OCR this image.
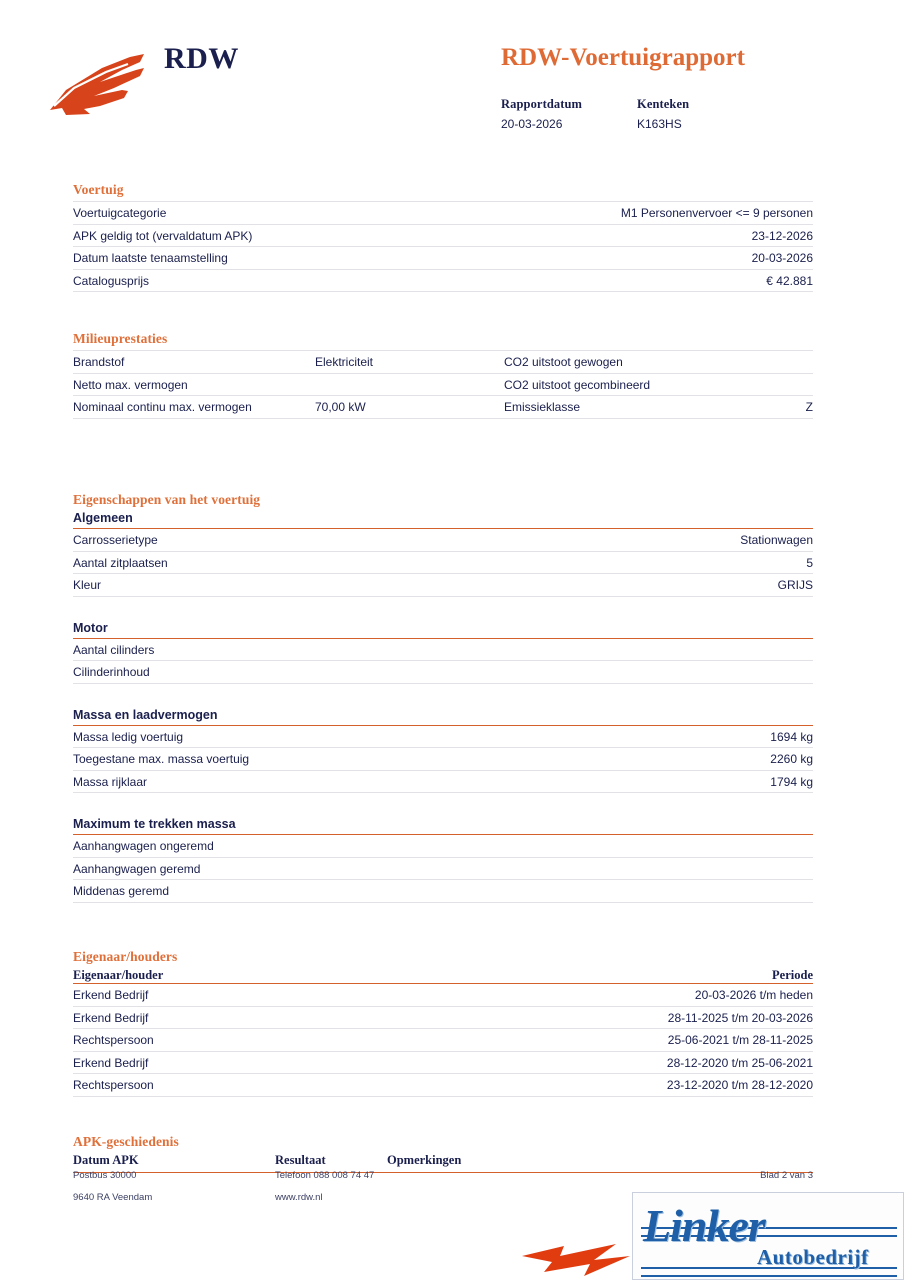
RDW	RDW-Voertuigrapport
Rapportdatum
20-03-2026
Kenteken
K163HS
Voertuig
Voertuigcategorie	M1 Personenvervoer <= 9 personen
APK geldig tot (vervaldatum APK)	23-12-2026
Datum laatste tenaamstelling	20-03-2026
Catalogusprijs	€ 42.881
Milieuprestaties
Brandstof	Elektriciteit	CO2 uitstoot gewogen	
Netto max. vermogen		CO2 uitstoot gecombineerd	
Nominaal continu max. vermogen	70,00 kW	Emissieklasse	Z
Eigenschappen van het voertuig
Algemeen
Carrosserietype	Stationwagen
Aantal zitplaatsen	5
Kleur	GRIJS
Motor
Aantal cilinders	
Cilinderinhoud	
Massa en laadvermogen
Massa ledig voertuig	1694 kg
Toegestane max. massa voertuig	2260 kg
Massa rijklaar	1794 kg
Maximum te trekken massa
Aanhangwagen ongeremd	
Aanhangwagen geremd	
Middenas geremd	
Eigenaar/houders
Eigenaar/houder	Periode
Erkend Bedrijf	20-03-2026 t/m heden
Erkend Bedrijf	28-11-2025 t/m 20-03-2026
Rechtspersoon	25-06-2021 t/m 28-11-2025
Erkend Bedrijf	28-12-2020 t/m 25-06-2021
Rechtspersoon	23-12-2020 t/m 28-12-2020
APK-geschiedenis
Datum APK	Resultaat	Opmerkingen
Postbus 30000	Telefoon 088 008 74 47	Blad 2 van 3
9640 RA Veendam	www.rdw.nl
Linker
Autobedrijf
